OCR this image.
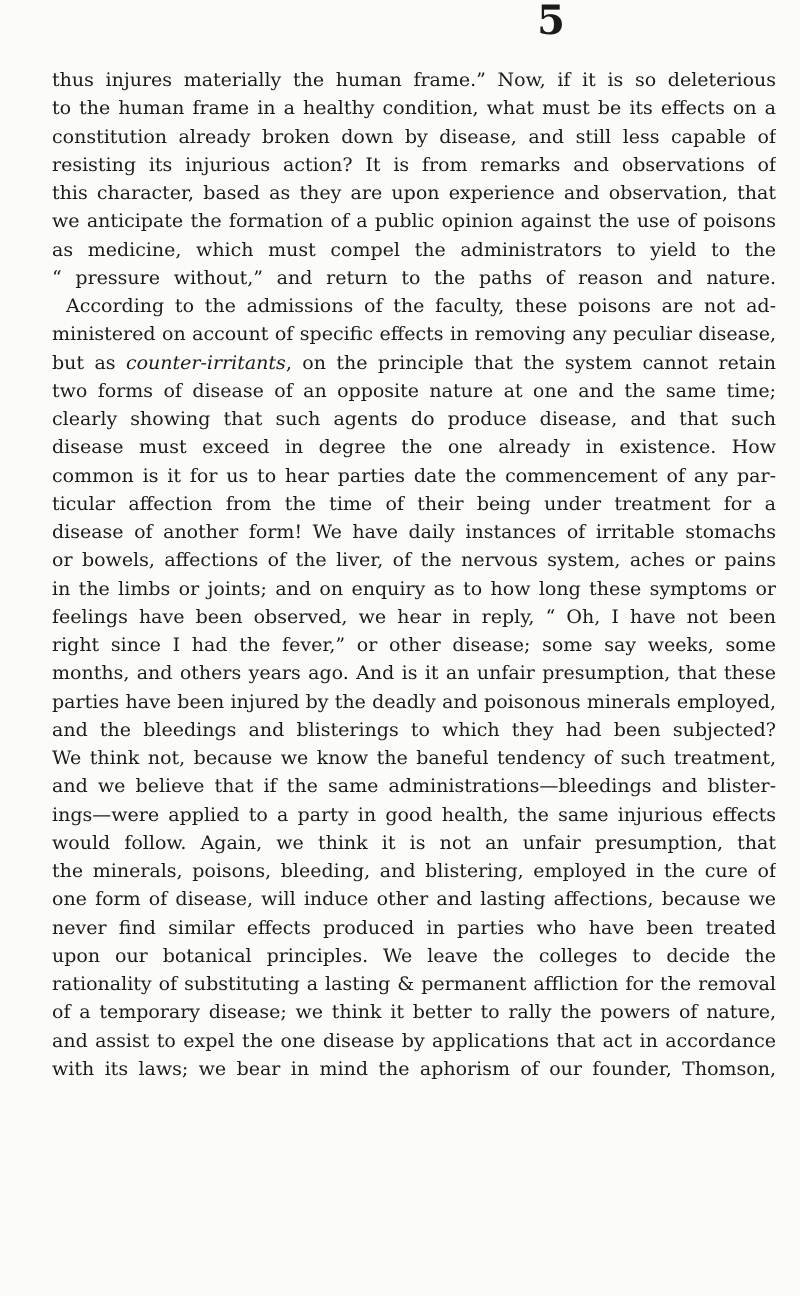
5
thus injures materially the human frame.” Now, if it is so deleterious
to the human frame in a healthy condition, what must be its effects on a
constitution already broken down by disease, and still less capable of
resisting its injurious action? It is from remarks and observations of
this character, based as they are upon experience and observation, that
we anticipate the formation of a public opinion against the use of poisons
as medicine, which must compel the administrators to yield to the
“ pressure without,” and return to the paths of reason and nature.
According to the admissions of the faculty, these poisons are not ad-
ministered on account of specific effects in removing any peculiar disease,
but as counter-irritants, on the principle that the system cannot retain
two forms of disease of an opposite nature at one and the same time;
clearly showing that such agents do produce disease, and that such
disease must exceed in degree the one already in existence. How
common is it for us to hear parties date the commencement of any par-
ticular affection from the time of their being under treatment for a
disease of another form! We have daily instances of irritable stomachs
or bowels, affections of the liver, of the nervous system, aches or pains
in the limbs or joints; and on enquiry as to how long these symptoms or
feelings have been observed, we hear in reply, “ Oh, I have not been
right since I had the fever,” or other disease; some say weeks, some
months, and others years ago. And is it an unfair presumption, that these
parties have been injured by the deadly and poisonous minerals employed,
and the bleedings and blisterings to which they had been subjected?
We think not, because we know the baneful tendency of such treatment,
and we believe that if the same administrations—bleedings and blister-
ings—were applied to a party in good health, the same injurious effects
would follow. Again, we think it is not an unfair presumption, that
the minerals, poisons, bleeding, and blistering, employed in the cure of
one form of disease, will induce other and lasting affections, because we
never find similar effects produced in parties who have been treated
upon our botanical principles. We leave the colleges to decide the
rationality of substituting a lasting & permanent affliction for the removal
of a temporary disease; we think it better to rally the powers of nature,
and assist to expel the one disease by applications that act in accordance
with its laws; we bear in mind the aphorism of our founder, Thomson,
